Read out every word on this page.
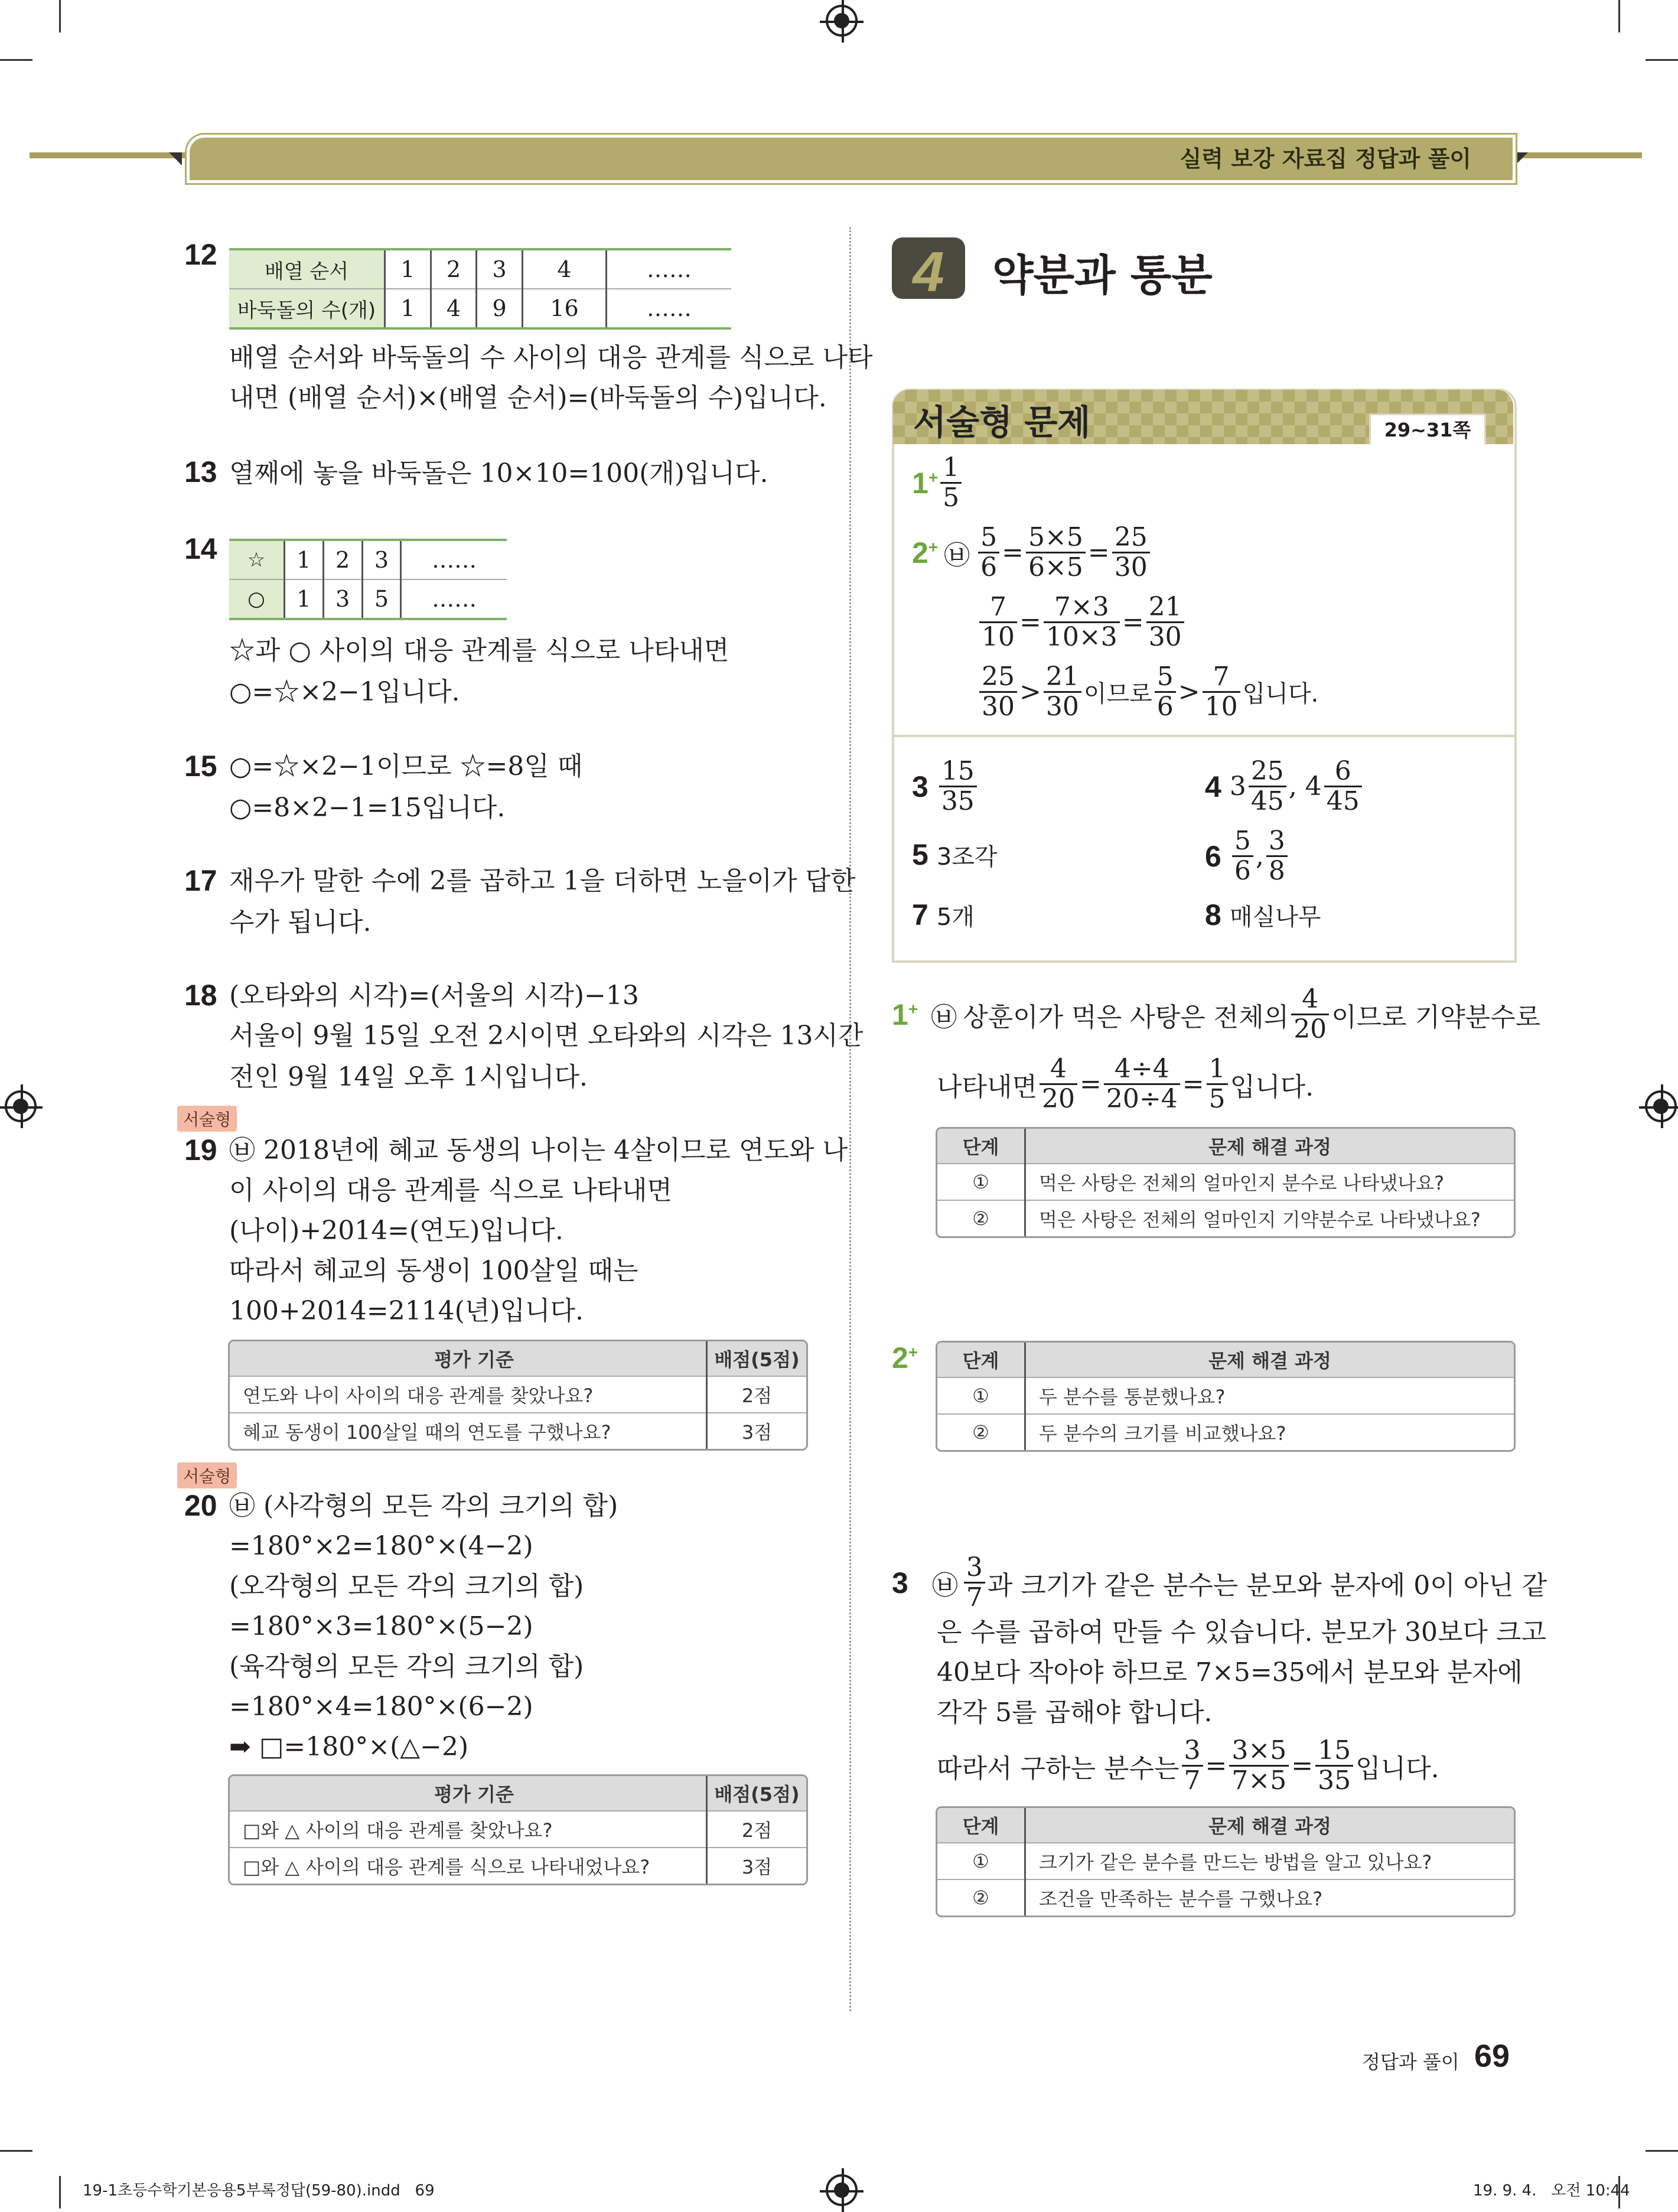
실력 보강 자료집 정답과 풀이
12
배열 순서	1	2	3	4	……
바둑돌의 수(개)	1	4	9	16	……
배열 순서와 바둑돌의 수 사이의 대응 관계를 식으로 나타
내면 (배열 순서)×(배열 순서)=(바둑돌의 수)입니다.
13 열째에 놓을 바둑돌은 10×10=100(개)입니다.
14 ☆	1	2	3	……
○	1	3	5	……
☆과 ○ 사이의 대응 관계를 식으로 나타내면
○=☆×2−1입니다.
15 ○=☆×2−1이므로 ☆=8일 때
○=8×2−1=15입니다.
17 재우가 말한 수에 2를 곱하고 1을 더하면 노을이가 답한
수가 됩니다.
18 (오타와의 시각)=(서울의 시각)−13
서울이 9월 15일 오전 2시이면 오타와의 시각은 13시간
전인 9월 14일 오후 1시입니다.
서술형
19 ㉥ 2018년에 혜교 동생의 나이는 4살이므로 연도와 나
이 사이의 대응 관계를 식으로 나타내면
(나이)+2014=(연도)입니다.
따라서 혜교의 동생이 100살일 때는
100+2014=2114(년)입니다.
평가 기준	배점(5점)
연도와 나이 사이의 대응 관계를 찾았나요?	2점
혜교 동생이 100살일 때의 연도를 구했나요?	3점
서술형
20 ㉥ (사각형의 모든 각의 크기의 합)
=180°×2=180°×(4−2)
(오각형의 모든 각의 크기의 합)
=180°×3=180°×(5−2)
(육각형의 모든 각의 크기의 합)
=180°×4=180°×(6−2)
➡ □=180°×(△−2)
평가 기준	배점(5점)
□와 △ 사이의 대응 관계를 찾았나요?	2점
□와 △ 사이의 대응 관계를 식으로 나타내었나요?	3점
4	약분과 통분
서술형 문제	29~31쪽
$1^+ \frac{1}{5}$
2+ ㉥ $\frac{5}{6} = \frac{5\times 5}{6\times 5} = \frac{25}{30}$
$\frac{7}{10} = \frac{7\times 3}{10\times 3} = \frac{21}{30}$
$\frac{25}{30} > \frac{21}{30}$ 이므로 $\frac{5}{6} > \frac{7}{10}$ 입니다.
$3 \frac{15}{35}$	4 $3 \frac{25}{45}$ , $4 \frac{6}{45}$
5 3조각	$6 \frac{5}{6}$ , $\frac{3}{8}$
7 5개	8 매실나무
1+ ㉥ 상훈이가 먹은 사탕은 전체의 $\frac{4}{20}$ 이므로 기약분수로
나타내면 $\frac{4}{20} = \frac{4\div 4}{20\div 4} = \frac{1}{5}$ 입니다.
단계	문제 해결 과정
①	먹은 사탕은 전체의 얼마인지 분수로 나타냈나요?
②	먹은 사탕은 전체의 얼마인지 기약분수로 나타냈나요?
2+ 단계	문제 해결 과정
①	두 분수를 통분했나요?
②	두 분수의 크기를 비교했나요?
3 ㉥ $\frac{3}{7}$ 과 크기가 같은 분수는 분모와 분자에 0이 아닌 같
은 수를 곱하여 만들 수 있습니다. 분모가 30보다 크고
40보다 작아야 하므로 7×5=35에서 분모와 분자에
각각 5를 곱해야 합니다.
따라서 구하는 분수는 $\frac{3}{7} = \frac{3\times 5}{7\times 5} = \frac{15}{35}$ 입니다.
단계	문제 해결 과정
①	크기가 같은 분수를 만드는 방법을 알고 있나요?
②	조건을 만족하는 분수를 구했나요?
정답과 풀이 69
19-1초등수학기본응용5부록정답(59-80).indd   69	19. 9. 4.   오전 10:44
